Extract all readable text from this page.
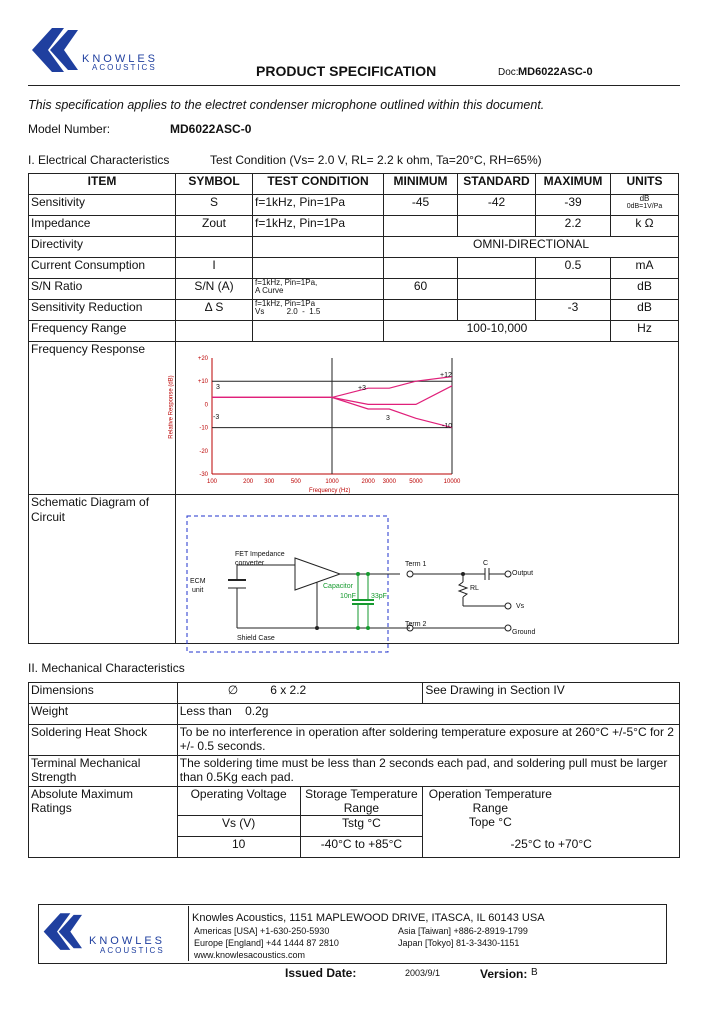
KNOWLES
ACOUSTICS	PRODUCT SPECIFICATION	Doc: MD6022ASC-0
This specification applies to the electret condenser microphone outlined within this document.
Model Number:	MD6022ASC-0
I. Electrical Characteristics	Test Condition (Vs= 2.0 V, RL= 2.2 k ohm, Ta=20°C, RH=65%)
ITEM	SYMBOL	TEST CONDITION	MINIMUM	STANDARD	MAXIMUM	UNITS
Sensitivity	S	f=1kHz, Pin=1Pa	-45	-42	-39	dB
0dB=1V/Pa

Impedance	Zout	f=1kHz, Pin=1Pa			2.2	k Ω
Directivity			OMNI-DIRECTIONAL			
Current Consumption	I				0.5	mA
S/N Ratio	S/N (A)	f=1kHz, Pin=1Pa,
A Curve	60			dB
Sensitivity Reduction	Δ S	f=1kHz, Pin=1Pa
Vs          2.0  -  1.5			-3	dB
Frequency Range			100-10,000			Hz
Frequency Response						
Schematic Diagram of Circuit						
+20
+10
0
-10
-20
-30
100	200 300	500	1000	2000 3000 5000	10000
Relative Response (dB)
Frequency (Hz)
3
-3
+3
3
+12
-10
FET Impedance
converter
ECM
unit
Capacitor
10nF 33pF
Shield Case
Term 1
Term 2
C
RL
Output
Vs
Ground
II. Mechanical Characteristics
Dimensions	∅ 6 x 2.2		See Drawing in Section IV
Weight	Less than    0.2g		
Soldering Heat Shock	To be no interference in operation after soldering temperature exposure at 260°C +/-5°C for 2 +/- 0.5 seconds.		
Terminal Mechanical Strength	The soldering time must be less than 2 seconds each pad, and soldering pull must be larger than 0.5Kg each pad.		
Absolute Maximum Ratings	Operating Voltage	Storage Temperature Range	Operation Temperature Range
Tope °C

	Vs (V)	Tstg °C	
	10	-40°C to +85°C	-25°C to +70°C
KNOWLES
ACOUSTICS
Knowles Acoustics, 1151 MAPLEWOOD DRIVE, ITASCA, IL 60143 USA
Americas [USA] +1-630-250-5930	Asia [Taiwan] +886-2-8919-1799
Europe [England] +44 1444 87 2810	Japan [Tokyo] 81-3-3430-1151
www.knowlesacoustics.com
Issued Date:	2003/9/1	Version: B
